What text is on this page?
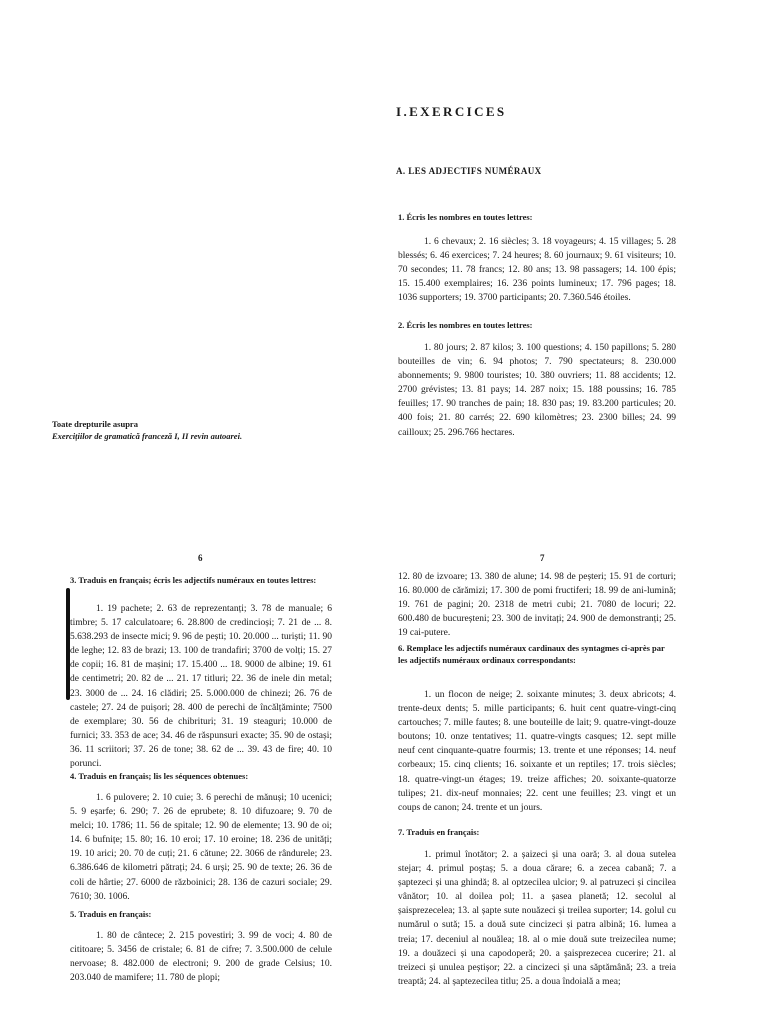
I.EXERCICES
A. LES ADJECTIFS NUMÉRAUX
Toate drepturile asupra
Exercițiilor de gramatică franceză I, II revin autoarei.

1. Écris les nombres en toutes lettres:

1. 6 chevaux; 2. 16 siècles; 3. 18 voyageurs; 4. 15 villages; 5. 28 blessés; 6. 46 exercices; 7. 24 heures; 8. 60 journaux; 9. 61 visiteurs; 10. 70 secondes; 11. 78 francs; 12. 80 ans; 13. 98 passagers; 14. 100 épis; 15. 15.400 exemplaires; 16. 236 points lumineux; 17. 796 pages; 18. 1036 supporters; 19. 3700 participants; 20. 7.360.546 étoiles.

2. Écris les nombres en toutes lettres:

1. 80 jours; 2. 87 kilos; 3. 100 questions; 4. 150 papillons; 5. 280 bouteilles de vin; 6. 94 photos; 7. 790 spectateurs; 8. 230.000 abonnements; 9. 9800 touristes; 10. 380 ouvriers; 11. 88 accidents; 12. 2700 grévistes; 13. 81 pays; 14. 287 noix; 15. 188 poussins; 16. 785 feuilles; 17. 90 tranches de pain; 18. 830 pas; 19. 83.200 particules; 20. 400 fois; 21. 80 carrés; 22. 690 kilomètres; 23. 2300 billes; 24. 99 cailloux; 25. 296.766 hectares.

6

3. Traduis en français; écris les adjectifs numéraux en toutes lettres:

1. 19 pachete; 2. 63 de reprezentanți; 3. 78 de manuale; 6 timbre; 5. 17 calculatoare; 6. 28.800 de credincioși; 7. 21 de ... 8. 5.638.293 de insecte mici; 9. 96 de pești; 10. 20.000 ... turiști; 11. 90 de leghe; 12. 83 de brazi; 13. 100 de trandafiri; 3700 de volți; 15. 27 de copii; 16. 81 de mașini; 17. 15.400 ... 18. 9000 de albine; 19. 61 de centimetri; 20. 82 de ... 21. 17 titluri; 22. 36 de inele din metal; 23. 3000 de ... 24. 16 clădiri; 25. 5.000.000 de chinezi; 26. 76 de castele; 27. 24 de puișori; 28. 400 de perechi de încălțăminte; 7500 de exemplare; 30. 56 de chibrituri; 31. 19 steaguri; 10.000 de furnici; 33. 353 de ace; 34. 46 de răspunsuri exacte; 35. 90 de ostași; 36. 11 scriitori; 37. 26 de tone; 38. 62 de ... 39. 43 de fire; 40. 10 porunci.

4. Traduis en français; lis les séquences obtenues:

1. 6 pulovere; 2. 10 cuie; 3. 6 perechi de mănuși; 10 ucenici; 5. 9 eșarfe; 6. 290; 7. 26 de eprubete; 8. 10 difuzoare; 9. 70 de melci; 10. 1786; 11. 56 de spitale; 12. 90 de elemente; 13. 90 de oi; 14. 6 bufnițe; 15. 80; 16. 10 eroi; 17. 10 eroine; 18. 236 de unități; 19. 10 arici; 20. 70 de cuți; 21. 6 cătune; 22. 3066 de rândurele; 23. 6.386.646 de kilometri pătrați; 24. 6 urși; 25. 90 de texte; 26. 36 de coli de hârtie; 27. 6000 de războinici; 28. 136 de cazuri sociale; 29. 7610; 30. 1006.

5. Traduis en français:

1. 80 de cântece; 2. 215 povestiri; 3. 99 de voci; 4. 80 de cititoare; 5. 3456 de cristale; 6. 81 de cifre; 7. 3.500.000 de celule nervoase; 8. 482.000 de electroni; 9. 200 de grade Celsius; 10. 203.040 de mamifere; 11. 780 de plopi;

7

12. 80 de izvoare; 13. 380 de alune; 14. 98 de peșteri; 15. 91 de corturi; 16. 80.000 de cărămizi; 17. 300 de pomi fructiferi; 18. 99 de ani-lumină; 19. 761 de pagini; 20. 2318 de metri cubi; 21. 7080 de locuri; 22. 600.480 de bucureșteni; 23. 300 de invitați; 24. 900 de demonstranți; 25. 19 cai-putere.

6. Remplace les adjectifs numéraux cardinaux des syntagmes ci-après par les adjectifs numéraux ordinaux correspondants:

1. un flocon de neige; 2. soixante minutes; 3. deux abricots; 4. trente-deux dents; 5. mille participants; 6. huit cent quatre-vingt-cinq cartouches; 7. mille fautes; 8. une bouteille de lait; 9. quatre-vingt-douze boutons; 10. onze tentatives; 11. quatre-vingts casques; 12. sept mille neuf cent cinquante-quatre fourmis; 13. trente et une réponses; 14. neuf corbeaux; 15. cinq clients; 16. soixante et un reptiles; 17. trois siècles; 18. quatre-vingt-un étages; 19. treize affiches; 20. soixante-quatorze tulipes; 21. dix-neuf monnaies; 22. cent une feuilles; 23. vingt et un coups de canon; 24. trente et un jours.

7. Traduis en français:

1. primul înotător; 2. a șaizeci și una oară; 3. al doua sutelea stejar; 4. primul poștaș; 5. a doua cărare; 6. a zecea cabană; 7. a șaptezeci și una ghindă; 8. al optzecilea ulcior; 9. al patruzeci și cincilea vânător; 10. al doilea pol; 11. a șasea planetă; 12. secolul al șaisprezecelea; 13. al șapte sute nouăzeci și treilea suporter; 14. golul cu numărul o sută; 15. a două sute cincizeci și patra albină; 16. lumea a treia; 17. deceniul al nouălea; 18. al o mie două sute treizecilea nume; 19. a douăzeci și una capodoperă; 20. a șaisprezecea cucerire; 21. al treizeci și unulea peștișor; 22. a cincizeci și una săptămână; 23. a treia treaptă; 24. al șaptezecilea titlu; 25. a doua îndoială a mea;
